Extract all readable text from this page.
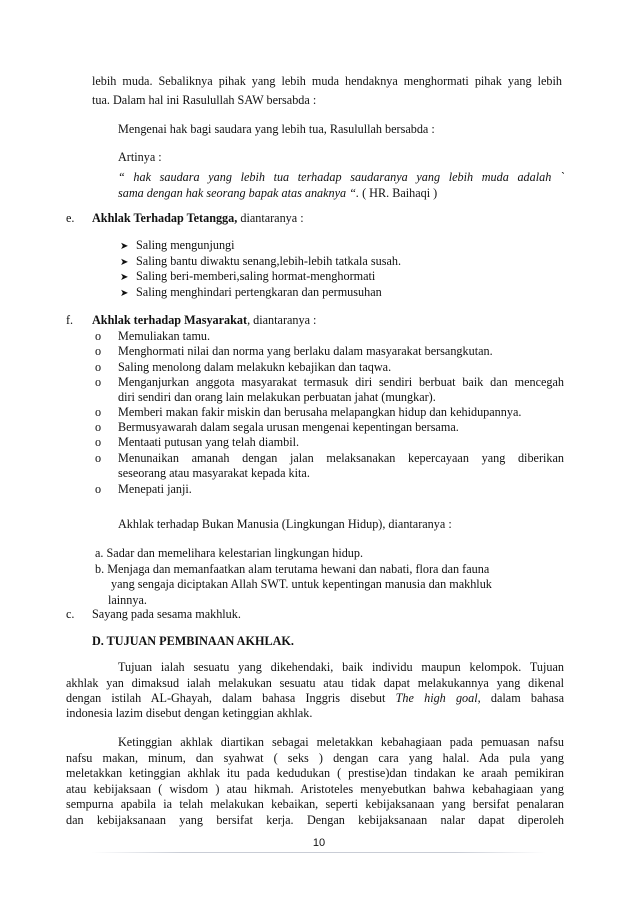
lebih muda. Sebaliknya pihak yang lebih muda hendaknya menghormati pihak yang lebih
tua. Dalam hal ini Rasulullah SAW bersabda :
Mengenai hak bagi saudara yang lebih tua, Rasulullah bersabda :
Artinya :
“ hak saudara yang lebih tua terhadap saudaranya yang lebih muda adalah `
sama dengan hak seorang bapak atas anaknya “. ( HR. Baihaqi )
e. Akhlak Terhadap Tetangga, diantaranya :
➤ Saling mengunjungi
➤ Saling bantu diwaktu senang,lebih-lebih tatkala susah.
➤ Saling beri-memberi,saling hormat-menghormati
➤ Saling menghindari pertengkaran dan permusuhan
f. Akhlak terhadap Masyarakat, diantaranya :
o Memuliakan tamu.
o Menghormati nilai dan norma yang berlaku dalam masyarakat bersangkutan.
o Saling menolong dalam melakukn kebajikan dan taqwa.
o Menganjurkan anggota masyarakat termasuk diri sendiri berbuat baik dan mencegah
diri sendiri dan orang lain melakukan perbuatan jahat (mungkar).
o Memberi makan fakir miskin dan berusaha melapangkan hidup dan kehidupannya.
o Bermusyawarah dalam segala urusan mengenai kepentingan bersama.
o Mentaati putusan yang telah diambil.
o Menunaikan amanah dengan jalan melaksanakan kepercayaan yang diberikan
seseorang atau masyarakat kepada kita.
o Menepati janji.
Akhlak terhadap Bukan Manusia (Lingkungan Hidup), diantaranya :
a. Sadar dan memelihara kelestarian lingkungan hidup.
b. Menjaga dan memanfaatkan alam terutama hewani dan nabati, flora dan fauna
yang sengaja diciptakan Allah SWT. untuk kepentingan manusia dan makhluk
lainnya.
c. Sayang pada sesama makhluk.
D. TUJUAN PEMBINAAN AKHLAK.
Tujuan ialah sesuatu yang dikehendaki, baik individu maupun kelompok. Tujuan
akhlak yan dimaksud ialah melakukan sesuatu atau tidak dapat melakukannya yang dikenal
dengan istilah AL-Ghayah, dalam bahasa Inggris disebut The high goal, dalam bahasa
indonesia lazim disebut dengan ketinggian akhlak.
Ketinggian akhlak diartikan sebagai meletakkan kebahagiaan pada pemuasan nafsu
nafsu makan, minum, dan syahwat ( seks ) dengan cara yang halal. Ada pula yang
meletakkan ketinggian akhlak itu pada kedudukan ( prestise)dan tindakan ke araah pemikiran
atau kebijaksaan ( wisdom ) atau hikmah. Aristoteles menyebutkan bahwa kebahagiaan yang
sempurna apabila ia telah melakukan kebaikan, seperti kebijaksanaan yang bersifat penalaran
dan kebijaksanaan yang bersifat kerja. Dengan kebijaksanaan nalar dapat diperoleh
10
